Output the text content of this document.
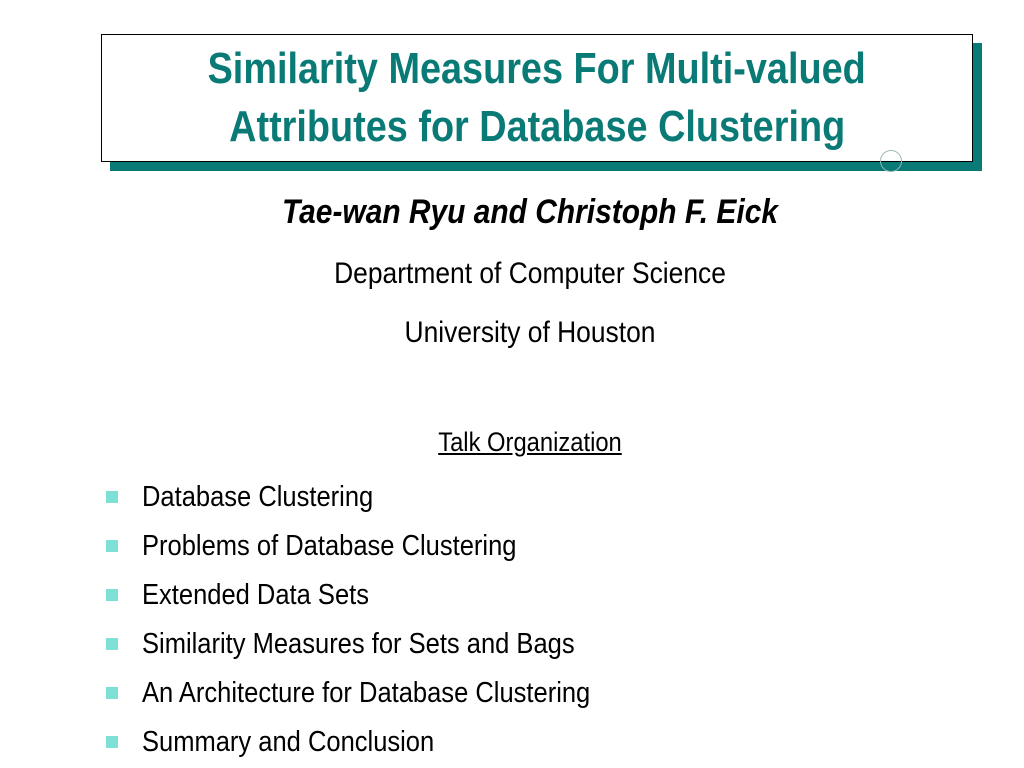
Similarity Measures For Multi-valued
Attributes for Database Clustering
Tae-wan Ryu and Christoph F. Eick
Department of Computer Science
University of Houston
Talk Organization
Database Clustering
Problems of Database Clustering
Extended Data Sets
Similarity Measures for Sets and Bags
An Architecture for Database Clustering
Summary and Conclusion
